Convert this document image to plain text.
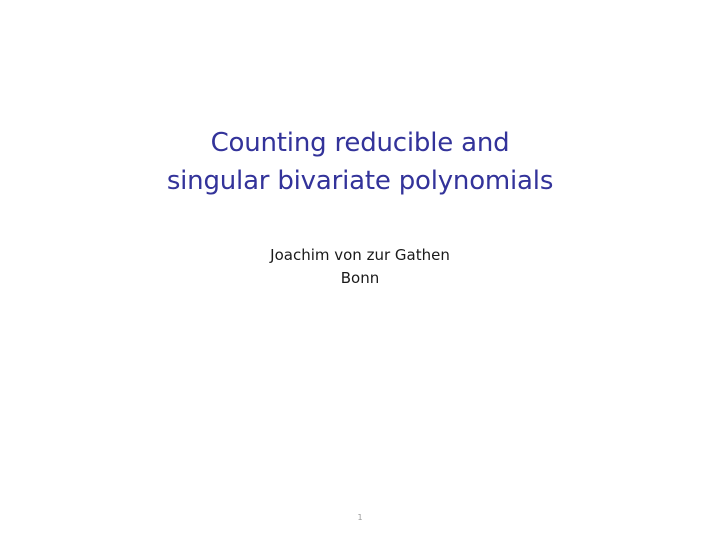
Counting reducible and
singular bivariate polynomials
Joachim von zur Gathen
Bonn
1
